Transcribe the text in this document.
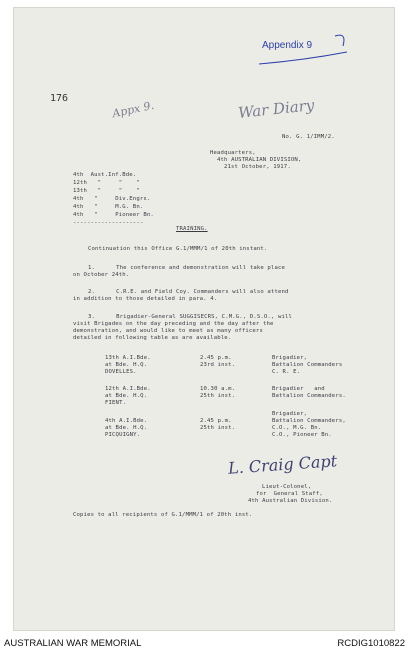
Appendix 9
176
Appx 9.	War Diary
No. G. 1/IMM/2.
Headquarters,
4th AUSTRALIAN DIVISION,
21st October, 1917.
4th  Aust.Inf.Bde.
12th   "     "    "
13th   "     "    "
4th   "     Div.Engrs.
4th   "     M.G. Bn.
4th   "     Pioneer Bn.
--------------------
TRAINING.
Continuation this Office G.1/MMM/1 of 20th instant.
1.      The conference and demonstration will take place
on October 24th.
2.      C.R.E. and Field Coy. Commanders will also attend
in addition to those detailed in para. 4.
3.      Brigadier-General SUGGISECRS, C.M.G., D.S.O., will
visit Brigades on the day preceding and the day after the
demonstration, and would like to meet as many officers
detailed in following table as are available.
13th A.I.Bde.
at Bde. H.Q.
DOVELLES.
2.45 p.m.
23rd inst.
Brigadier,
Battalion Commanders
C. R. E.
12th A.I.Bde.
at Bde. H.Q.
FIENT.
10.30 a.m.
25th inst.
Brigadier   and
Battalion Commanders.
4th A.I.Bde.
at Bde. H.Q.
PICQUIGNY.
2.45 p.m.
25th inst.
Brigadier,
Battalion Commanders,
C.O., M.G. Bn.
C.O., Pioneer Bn.
L. Craig Capt
Lieut-Colonel,
for  General Staff,
4th Australian Division.
Copies to all recipients of G.1/MMM/1 of 20th inst.
AUSTRALIAN WAR MEMORIAL	RCDIG1010822
